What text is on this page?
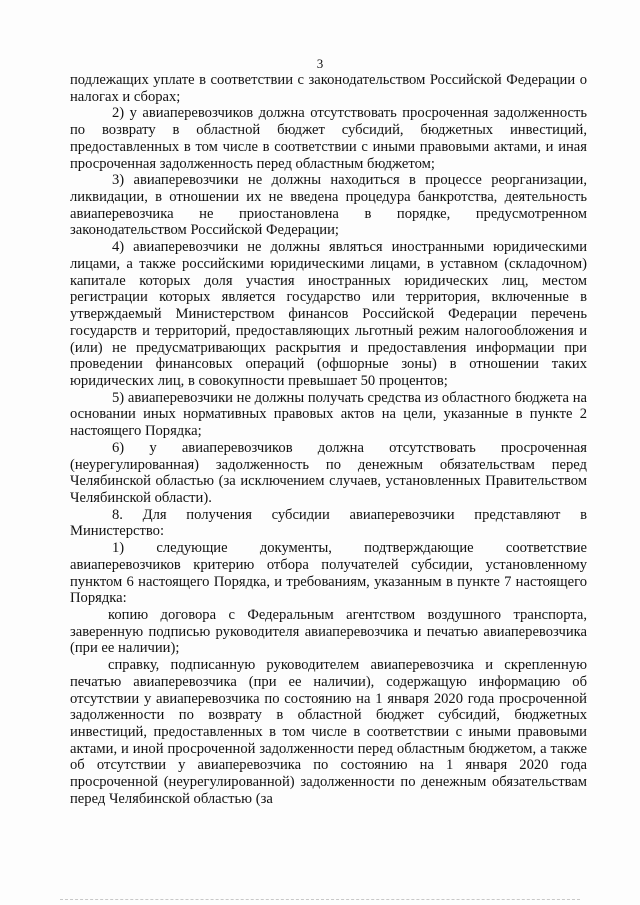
3

подлежащих уплате в соответствии с законодательством Российской Федерации о налогах и сборах;

2) у авиаперевозчиков должна отсутствовать просроченная задолженность по возврату в областной бюджет субсидий, бюджетных инвестиций, предоставленных в том числе в соответствии с иными правовыми актами, и иная просроченная задолженность перед областным бюджетом;

3) авиаперевозчики не должны находиться в процессе реорганизации, ликвидации, в отношении их не введена процедура банкротства, деятельность авиаперевозчика не приостановлена в порядке, предусмотренном законодательством Российской Федерации;

4) авиаперевозчики не должны являться иностранными юридическими лицами, а также российскими юридическими лицами, в уставном (складочном) капитале которых доля участия иностранных юридических лиц, местом регистрации которых является государство или территория, включенные в утверждаемый Министерством финансов Российской Федерации перечень государств и территорий, предоставляющих льготный режим налогообложения и (или) не предусматривающих раскрытия и предоставления информации при проведении финансовых операций (офшорные зоны) в отношении таких юридических лиц, в совокупности превышает 50 процентов;

5) авиаперевозчики не должны получать средства из областного бюджета на основании иных нормативных правовых актов на цели, указанные в пункте 2 настоящего Порядка;

6) у авиаперевозчиков должна отсутствовать просроченная (неурегулированная) задолженность по денежным обязательствам перед Челябинской областью (за исключением случаев, установленных Правительством Челябинской области).

8. Для получения субсидии авиаперевозчики представляют в Министерство:

1) следующие документы, подтверждающие соответствие авиаперевозчиков критерию отбора получателей субсидии, установленному пунктом 6 настоящего Порядка, и требованиям, указанным в пункте 7 настоящего Порядка:

копию договора с Федеральным агентством воздушного транспорта, заверенную подписью руководителя авиаперевозчика и печатью авиаперевозчика (при ее наличии);

справку, подписанную руководителем авиаперевозчика и скрепленную печатью авиаперевозчика (при ее наличии), содержащую информацию об отсутствии у авиаперевозчика по состоянию на 1 января 2020 года просроченной задолженности по возврату в областной бюджет субсидий, бюджетных инвестиций, предоставленных в том числе в соответствии с иными правовыми актами, и иной просроченной задолженности перед областным бюджетом, а также об отсутствии у авиаперевозчика по состоянию на 1 января 2020 года просроченной (неурегулированной) задолженности по денежным обязательствам перед Челябинской областью (за
